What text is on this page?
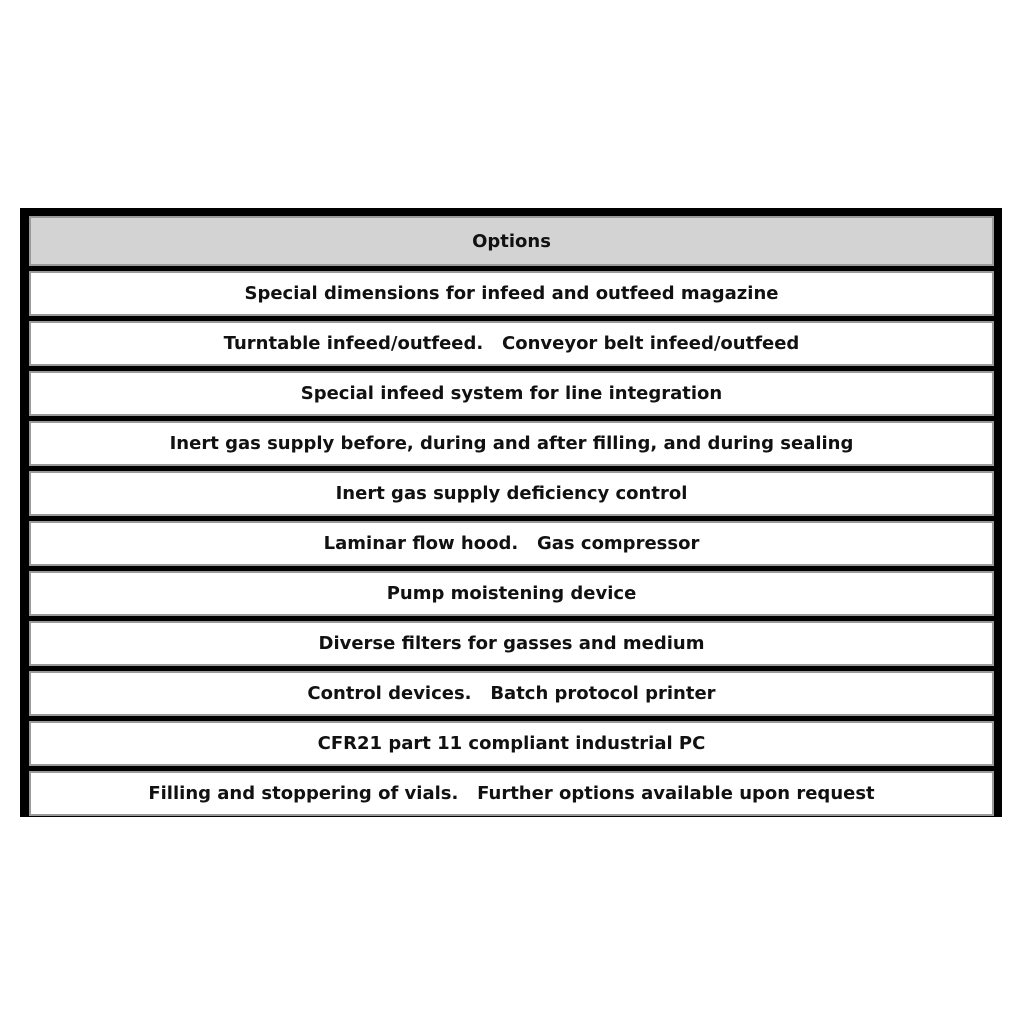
Options
Special dimensions for infeed and outfeed magazine
Turntable infeed/outfeed.   Conveyor belt infeed/outfeed
Special infeed system for line integration
Inert gas supply before, during and after filling, and during sealing
Inert gas supply deficiency control
Laminar flow hood.   Gas compressor
Pump moistening device
Diverse filters for gasses and medium
Control devices.   Batch protocol printer
CFR21 part 11 compliant industrial PC
Filling and stoppering of vials.   Further options available upon request
